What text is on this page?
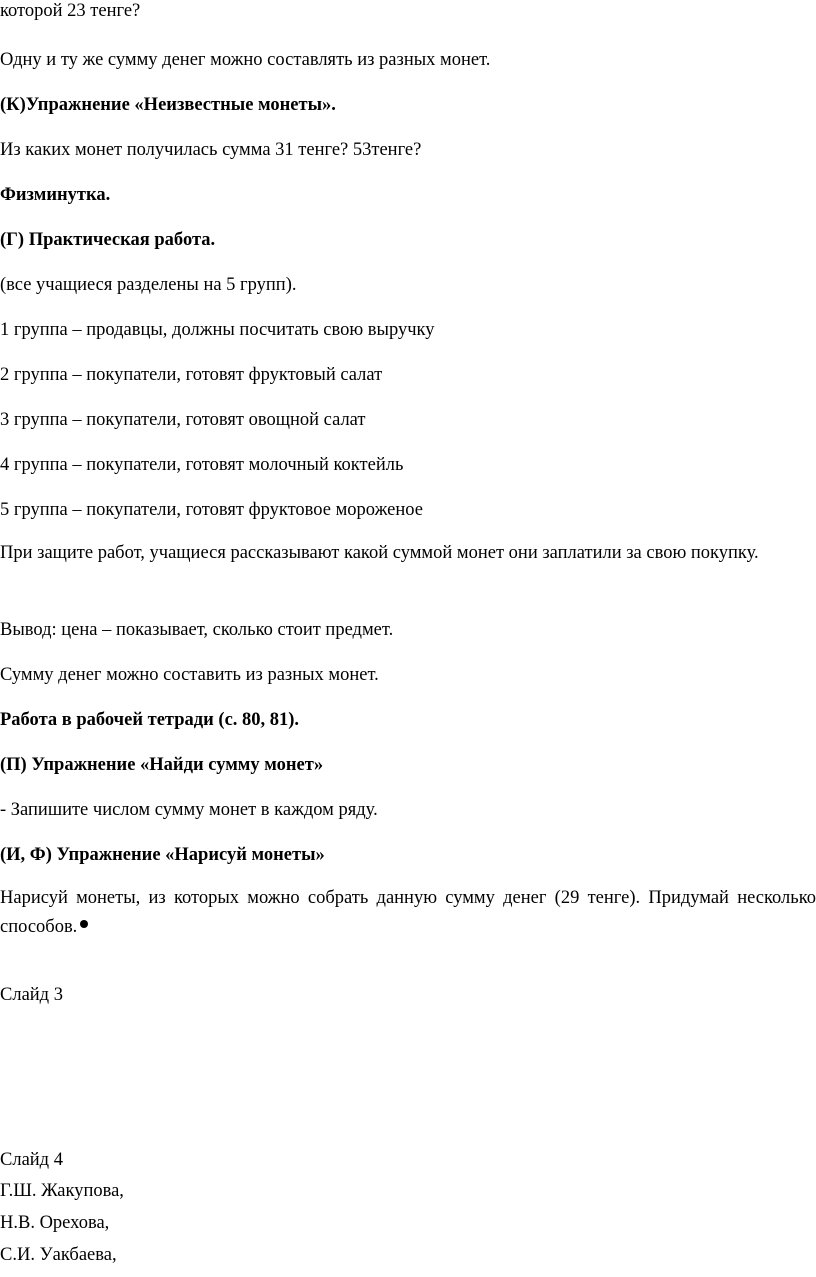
которой 23 тенге?
Одну и ту же сумму денег можно составлять из разных монет.
(К)Упражнение «Неизвестные монеты».
Из каких монет получилась сумма 31 тенге? 53тенге?
Физминутка.
(Г) Практическая работа.
(все учащиеся разделены на 5 групп).
1 группа – продавцы, должны посчитать свою выручку
2 группа – покупатели, готовят фруктовый салат
3 группа – покупатели, готовят овощной салат
4 группа – покупатели, готовят молочный коктейль
5 группа – покупатели, готовят фруктовое мороженое
При защите работ, учащиеся рассказывают какой суммой монет они заплатили за свою покупку.
Вывод: цена – показывает, сколько стоит предмет.
Сумму денег можно составить из разных монет.
Работа в рабочей тетради (с. 80, 81).
(П) Упражнение «Найди сумму монет»
- Запишите числом сумму монет в каждом ряду.
(И, Ф) Упражнение «Нарисуй монеты»
Нарисуй монеты, из которых можно собрать данную сумму денег (29 тенге). Придумай несколько способов.
Слайд 3
Слайд 4
Г.Ш. Жакупова,
Н.В. Орехова,
С.И. Уакбаева,
